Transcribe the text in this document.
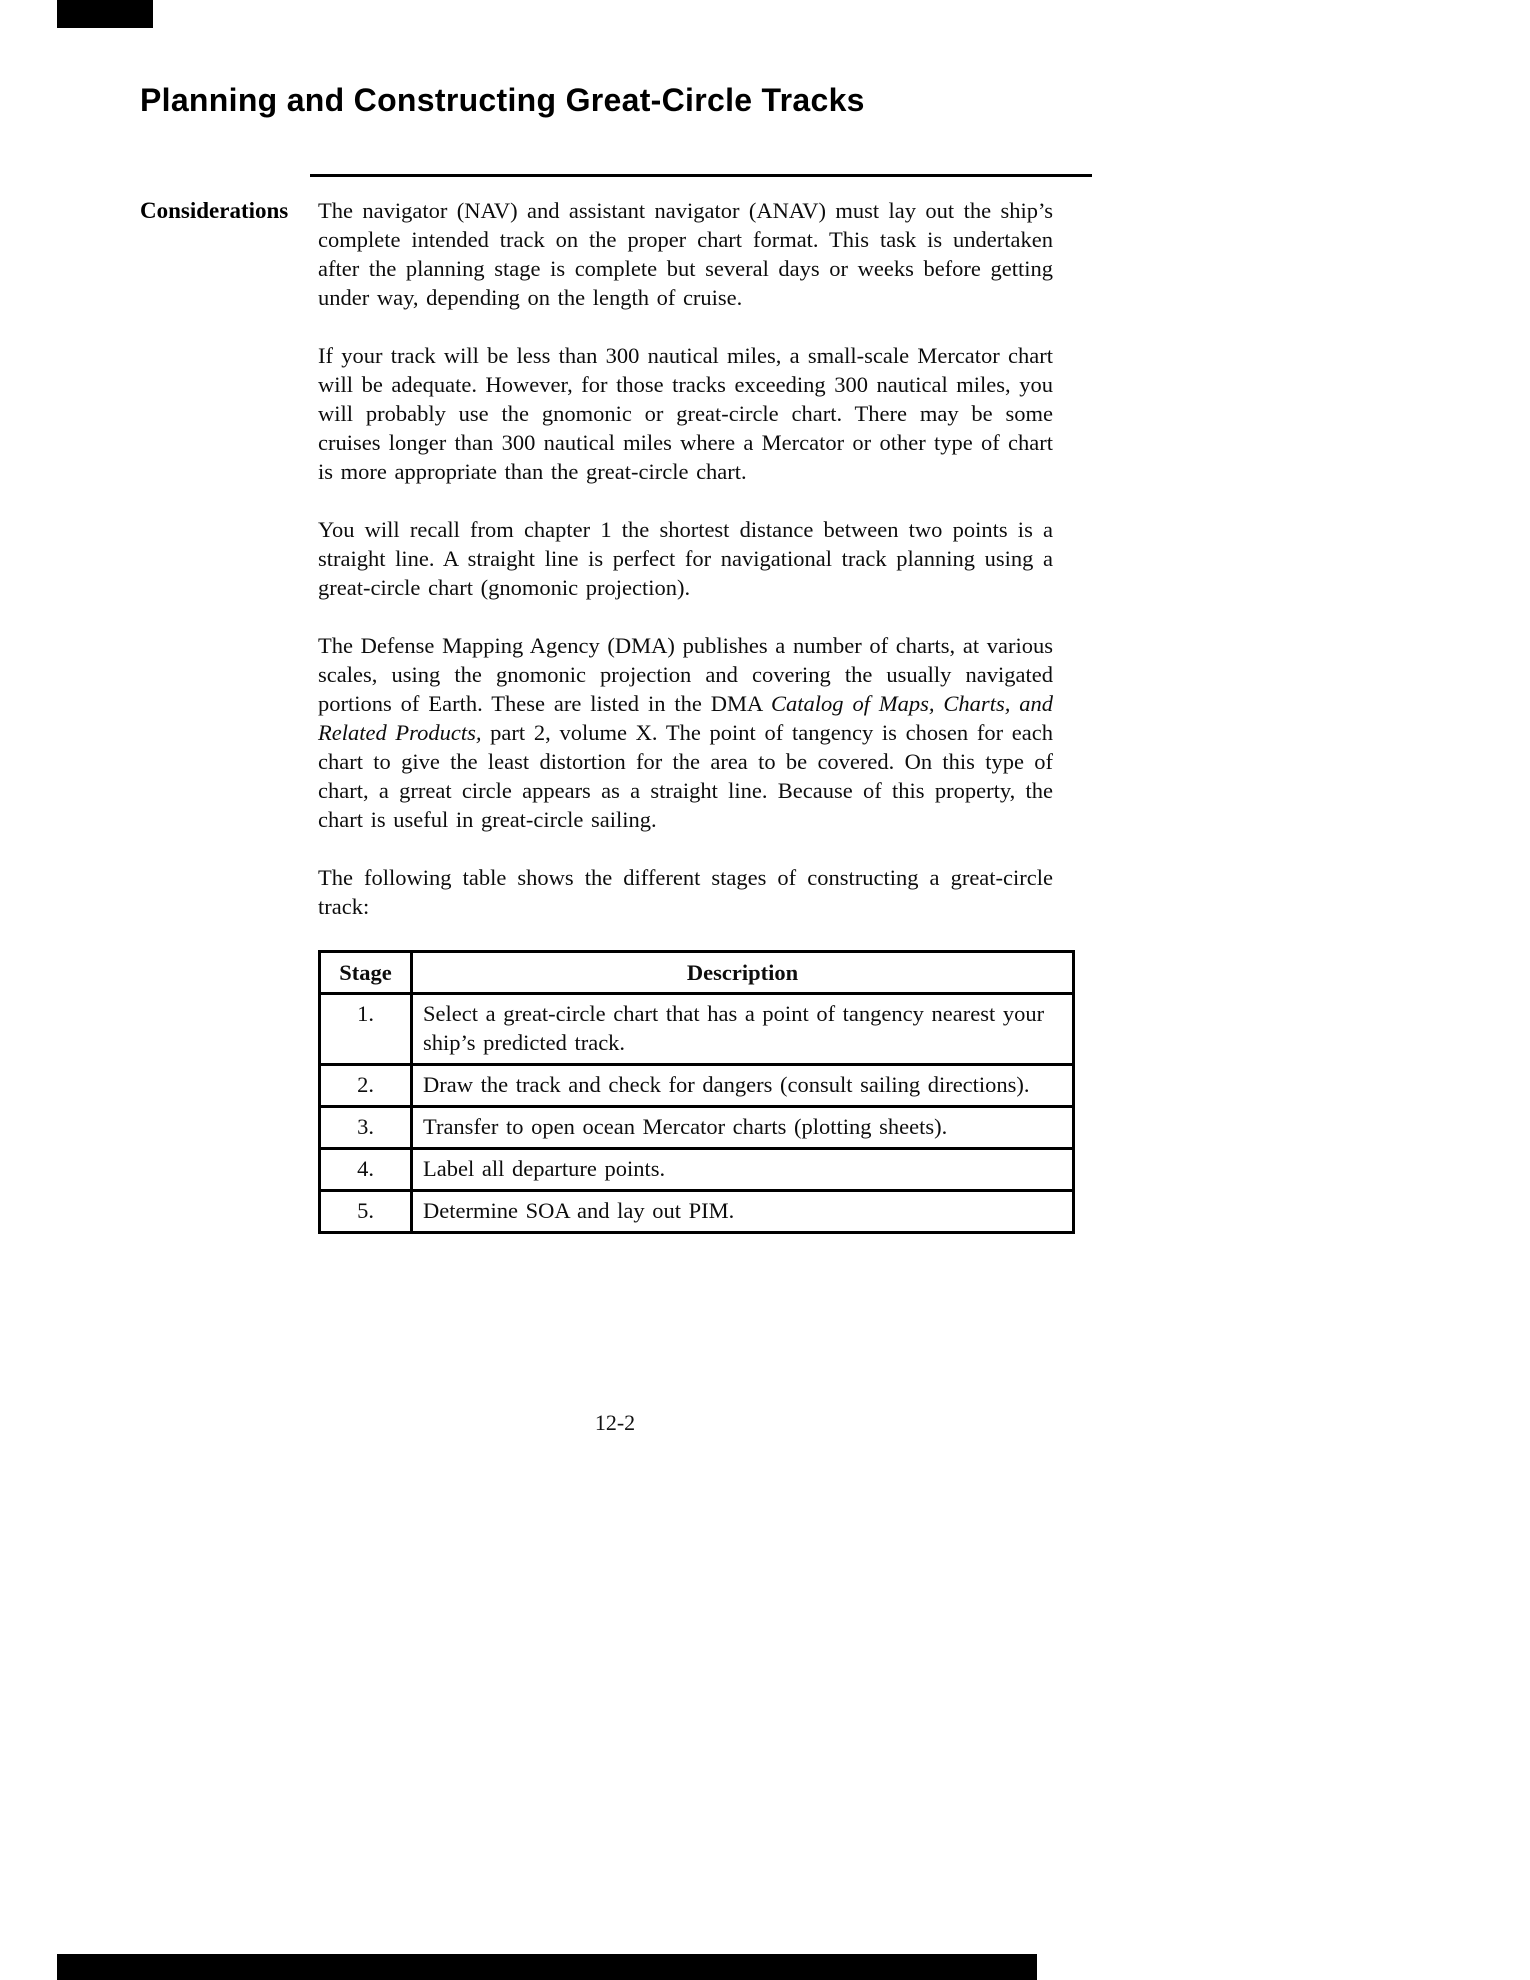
Planning and Constructing Great-Circle Tracks
Considerations The navigator (NAV) and assistant navigator (ANAV) must lay out the ship’s complete intended track on the proper chart format. This task is undertaken after the planning stage is complete but several days or weeks before getting under way, depending on the length of cruise.

If your track will be less than 300 nautical miles, a small-scale Mercator chart will be adequate. However, for those tracks exceeding 300 nautical miles, you will probably use the gnomonic or great-circle chart. There may be some cruises longer than 300 nautical miles where a Mercator or other type of chart is more appropriate than the great-circle chart.

You will recall from chapter 1 the shortest distance between two points is a straight line. A straight line is perfect for navigational track planning using a great-circle chart (gnomonic projection).

The Defense Mapping Agency (DMA) publishes a number of charts, at various scales, using the gnomonic projection and covering the usually navigated portions of Earth. These are listed in the DMA Catalog of Maps, Charts, and Related Products, part 2, volume X. The point of tangency is chosen for each chart to give the least distortion for the area to be covered. On this type of chart, a grreat circle appears as a straight line. Because of this property, the chart is useful in great-circle sailing.

The following table shows the different stages of constructing a great-circle track:

Stage	Description
1.	Select a great-circle chart that has a point of tangency nearest your ship’s predicted track.
2.	Draw the track and check for dangers (consult sailing directions).
3.	Transfer to open ocean Mercator charts (plotting sheets).
4.	Label all departure points.
5.	Determine SOA and lay out PIM.
12-2
